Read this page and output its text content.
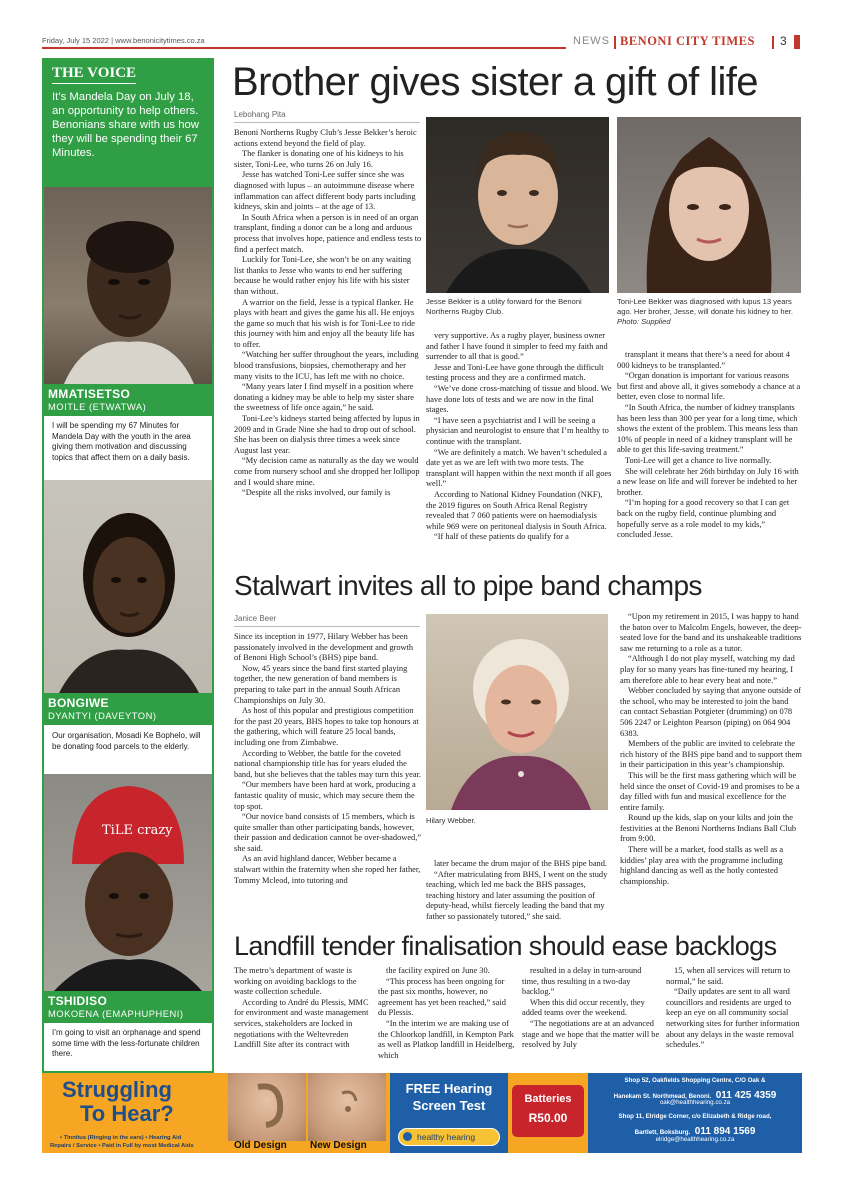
Friday, July 15 2022 | www.benonicitytimes.co.za	NEWS BENONI CITY TIMES 3
THE VOICE
It’s Mandela Day on July 18, an opportunity to help others. Benonians share with us how they will be spending their 67 Minutes.
MMATISETSO
MOITLE (ETWATWA)
I will be spending my 67 Minutes for Mandela Day with the youth in the area giving them motivation and discussing topics that affect them on a daily basis.
BONGIWE
DYANTYI (DAVEYTON)
Our organisation, Mosadi Ke Bophelo, will be donating food parcels to the elderly.
TiLE crazy
TSHIDISO
MOKOENA (EMAPHUPHENI)
I’m going to visit an orphanage and spend some time with the less-fortunate children there.
Brother gives sister a gift of life
Lebohang Pita

Benoni Northerns Rugby Club’s Jesse Bekker’s heroic actions extend beyond the field of play.

The flanker is donating one of his kidneys to his sister, Toni-Lee, who turns 26 on July 16.

Jesse has watched Toni-Lee suffer since she was diagnosed with lupus – an autoimmune disease where inflammation can affect different body parts including kidneys, skin and joints – at the age of 13.

In South Africa when a person is in need of an organ transplant, finding a donor can be a long and arduous process that involves hope, patience and endless tests to find a perfect match.

Luckily for Toni-Lee, she won’t be on any waiting list thanks to Jesse who wants to end her suffering because he would rather enjoy his life with his sister than without.

A warrior on the field, Jesse is a typical flanker. He plays with heart and gives the game his all. He enjoys the game so much that his wish is for Toni-Lee to ride this journey with him and enjoy all the beauty life has to offer.

“Watching her suffer throughout the years, including blood transfusions, biopsies, chemotherapy and her many visits to the ICU, has left me with no choice.

“Many years later I find myself in a position where donating a kidney may be able to help my sister share the sweetness of life once again,” he said.

Toni-Lee’s kidneys started being affected by lupus in 2009 and in Grade Nine she had to drop out of school. She has been on dialysis three times a week since August last year.

“My decision came as naturally as the day we would come from nursery school and she dropped her lollipop and I would share mine.

“Despite all the risks involved, our family is

very supportive. As a rugby player, business owner and father I have found it simpler to feed my faith and surrender to all that is good.”

Jesse and Toni-Lee have gone through the difficult testing process and they are a confirmed match.

“We’ve done cross-matching of tissue and blood. We have done lots of tests and we are now in the final stages.

“I have seen a psychiatrist and I will be seeing a physician and neurologist to ensure that I’m healthy to continue with the transplant.

“We are definitely a match. We haven’t scheduled a date yet as we are left with two more tests. The transplant will happen within the next month if all goes well.”

According to National Kidney Foundation (NKF), the 2019 figures on South Africa Renal Registry revealed that 7 060 patients were on haemodialysis while 969 were on peritoneal dialysis in South Africa.

“If half of these patients do qualify for a

transplant it means that there’s a need for about 4 000 kidneys to be transplanted.”

“Organ donation is important for various reasons but first and above all, it gives somebody a chance at a better, even close to normal life.

“In South Africa, the number of kidney transplants has been less than 300 per year for a long time, which shows the extent of the problem. This means less than 10% of people in need of a kidney transplant will be able to get this life-saving treatment.”

Toni-Lee will get a chance to live normally.

She will celebrate her 26th birthday on July 16 with a new lease on life and will forever be indebted to her brother.

“I’m hoping for a good recovery so that I can get back on the rugby field, continue plumbing and hopefully serve as a role model to my kids,” concluded Jesse.

Jesse Bekker is a utility forward for the Benoni Northerns Rugby Club.
Toni-Lee Bekker was diagnosed with lupus 13 years ago. Her broher, Jesse, will donate his kidney to her. Photo: Supplied
Stalwart invites all to pipe band champs
Janice Beer

Since its inception in 1977, Hilary Webber has been passionately involved in the development and growth of Benoni High School’s (BHS) pipe band.

Now, 45 years since the band first started playing together, the new generation of band members is preparing to take part in the annual South African Championships on July 30.

As host of this popular and prestigious competition for the past 20 years, BHS hopes to take top honours at the gathering, which will feature 25 local bands, including one from Zimbabwe.

According to Webber, the battle for the coveted national championship title has for years eluded the band, but she believes that the tables may turn this year.

“Our members have been hard at work, producing a fantastic quality of music, which may secure them the top spot.

“Our novice band consists of 15 members, which is quite smaller than other participating bands, however, their passion and dedication cannot be over-shadowed,” she said.

As an avid highland dancer, Webber became a stalwart within the fraternity when she roped her father, Tommy Mcleod, into tutoring and

later became the drum major of the BHS pipe band.

“After matriculating from BHS, I went on the study teaching, which led me back the BHS passages, teaching history and later assuming the position of deputy-head, whilst fiercely leading the band that my father so passionately tutored,” she said.

“Upon my retirement in 2015, I was happy to hand the baton over to Malcolm Engels, however, the deep-seated love for the band and its unshakeable traditions saw me returning to a role as a tutor.

“Although I do not play myself, watching my dad play for so many years has fine-tuned my hearing, I am therefore able to hear every beat and note.”

Webber concluded by saying that anyone outside of the school, who may be interested to join the band can contact Sebastian Potgieter (drumming) on 078 506 2247 or Leighton Pearson (piping) on 064 904 6383.

Members of the public are invited to celebrate the rich history of the BHS pipe band and to support them in their participation in this year’s championship.

This will be the first mass gathering which will be held since the onset of Covid-19 and promises to be a day filled with fun and musical excellence for the entire family.

Round up the kids, slap on your kilts and join the festivities at the Benoni Northerns Indians Ball Club from 9:00.

There will be a market, food stalls as well as a kiddies’ play area with the programme including highland dancing as well as the hotly contested championship.

Hilary Webber.
Landfill tender finalisation should ease backlogs

The metro’s department of waste is working on avoiding backlogs to the waste collection schedule.

According to André du Plessis, MMC for environment and waste management services, stakeholders are locked in negotiations with the Weltevreden Landfill Site after its contract with

the facility expired on June 30.

“This process has been ongoing for the past six months, however, no agreement has yet been reached,” said du Plessis.

“In the interim we are making use of the Chloorkop landfill, in Kempton Park as well as Platkop landfill in Heidelberg, which

resulted in a delay in turn-around time, thus resulting in a two-day backlog.”

When this did occur recently, they added teams over the weekend.

“The negotiations are at an advanced stage and we hope that the matter will be resolved by July

15, when all services will return to normal,” he said.

“Daily updates are sent to all ward councillors and residents are urged to keep an eye on all community social networking sites for further information about any delays in the waste removal schedules.”

Struggling
To Hear?
• Tinnitus (Ringing in the ears) • Hearing Aid
Repairs / Service • Paid in Full by most Medical Aids	Old Design New Design
FREE Hearing
Screen Test
healthy hearing
Batteries
R50.00
Shop 52, Oakfields Shopping Centre, C/O Oak &
Hanekam St. Northmead, Benoni. 011 425 4359
oak@healthhearing.co.za
Shop 11, Elridge Corner, c/o Elizabeth & Ridge road,
Bartlett, Boksburg. 011 894 1569
elridge@healthhearing.co.za
